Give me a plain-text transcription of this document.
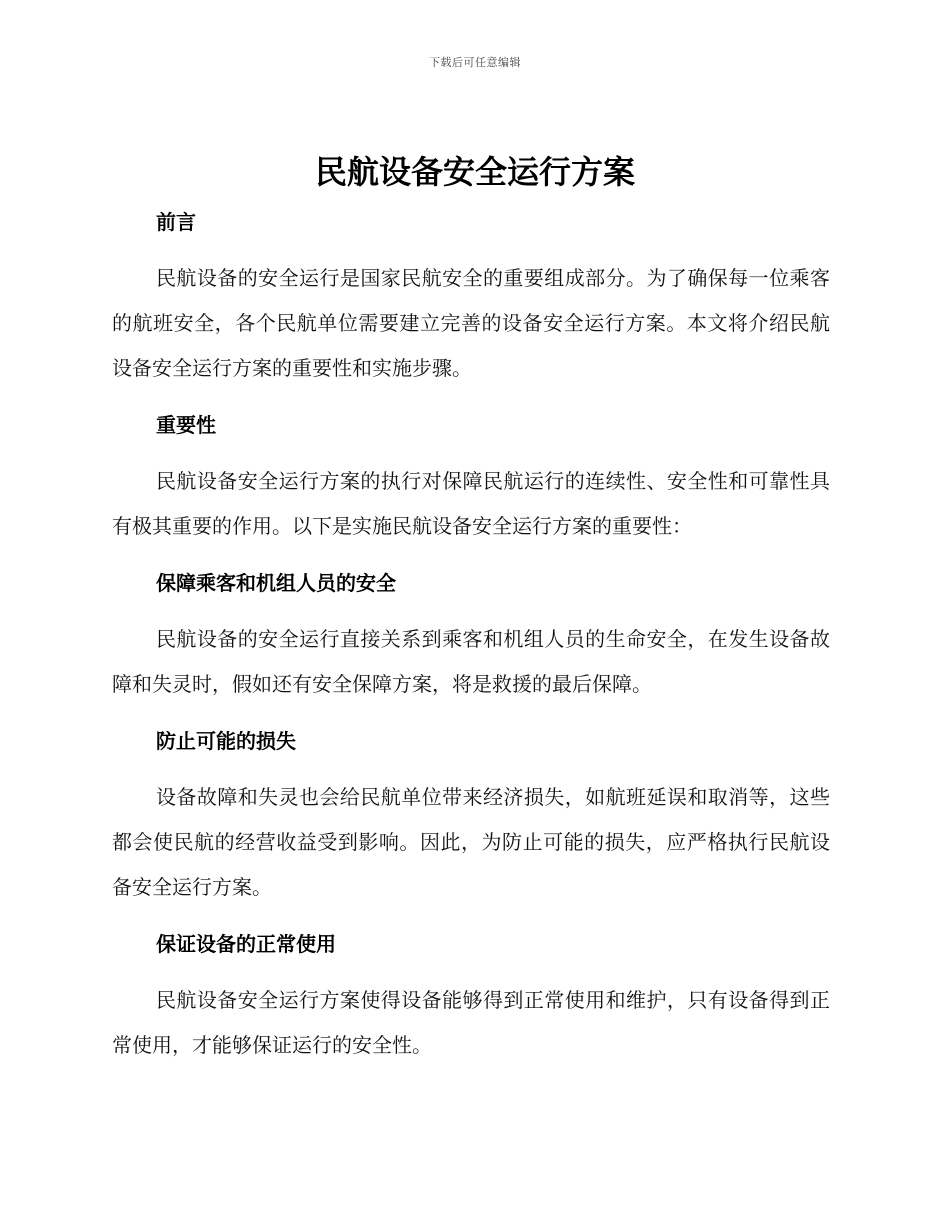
下载后可任意编辑
民航设备安全运行方案
前言

民航设备的安全运行是国家民航安全的重要组成部分。为了确保每一位乘客的航班安全，各个民航单位需要建立完善的设备安全运行方案。本文将介绍民航设备安全运行方案的重要性和实施步骤。

重要性

民航设备安全运行方案的执行对保障民航运行的连续性、安全性和可靠性具有极其重要的作用。以下是实施民航设备安全运行方案的重要性：

保障乘客和机组人员的安全

民航设备的安全运行直接关系到乘客和机组人员的生命安全，在发生设备故障和失灵时，假如还有安全保障方案，将是救援的最后保障。

防止可能的损失

设备故障和失灵也会给民航单位带来经济损失，如航班延误和取消等，这些都会使民航的经营收益受到影响。因此，为防止可能的损失，应严格执行民航设备安全运行方案。

保证设备的正常使用

民航设备安全运行方案使得设备能够得到正常使用和维护，只有设备得到正常使用，才能够保证运行的安全性。
